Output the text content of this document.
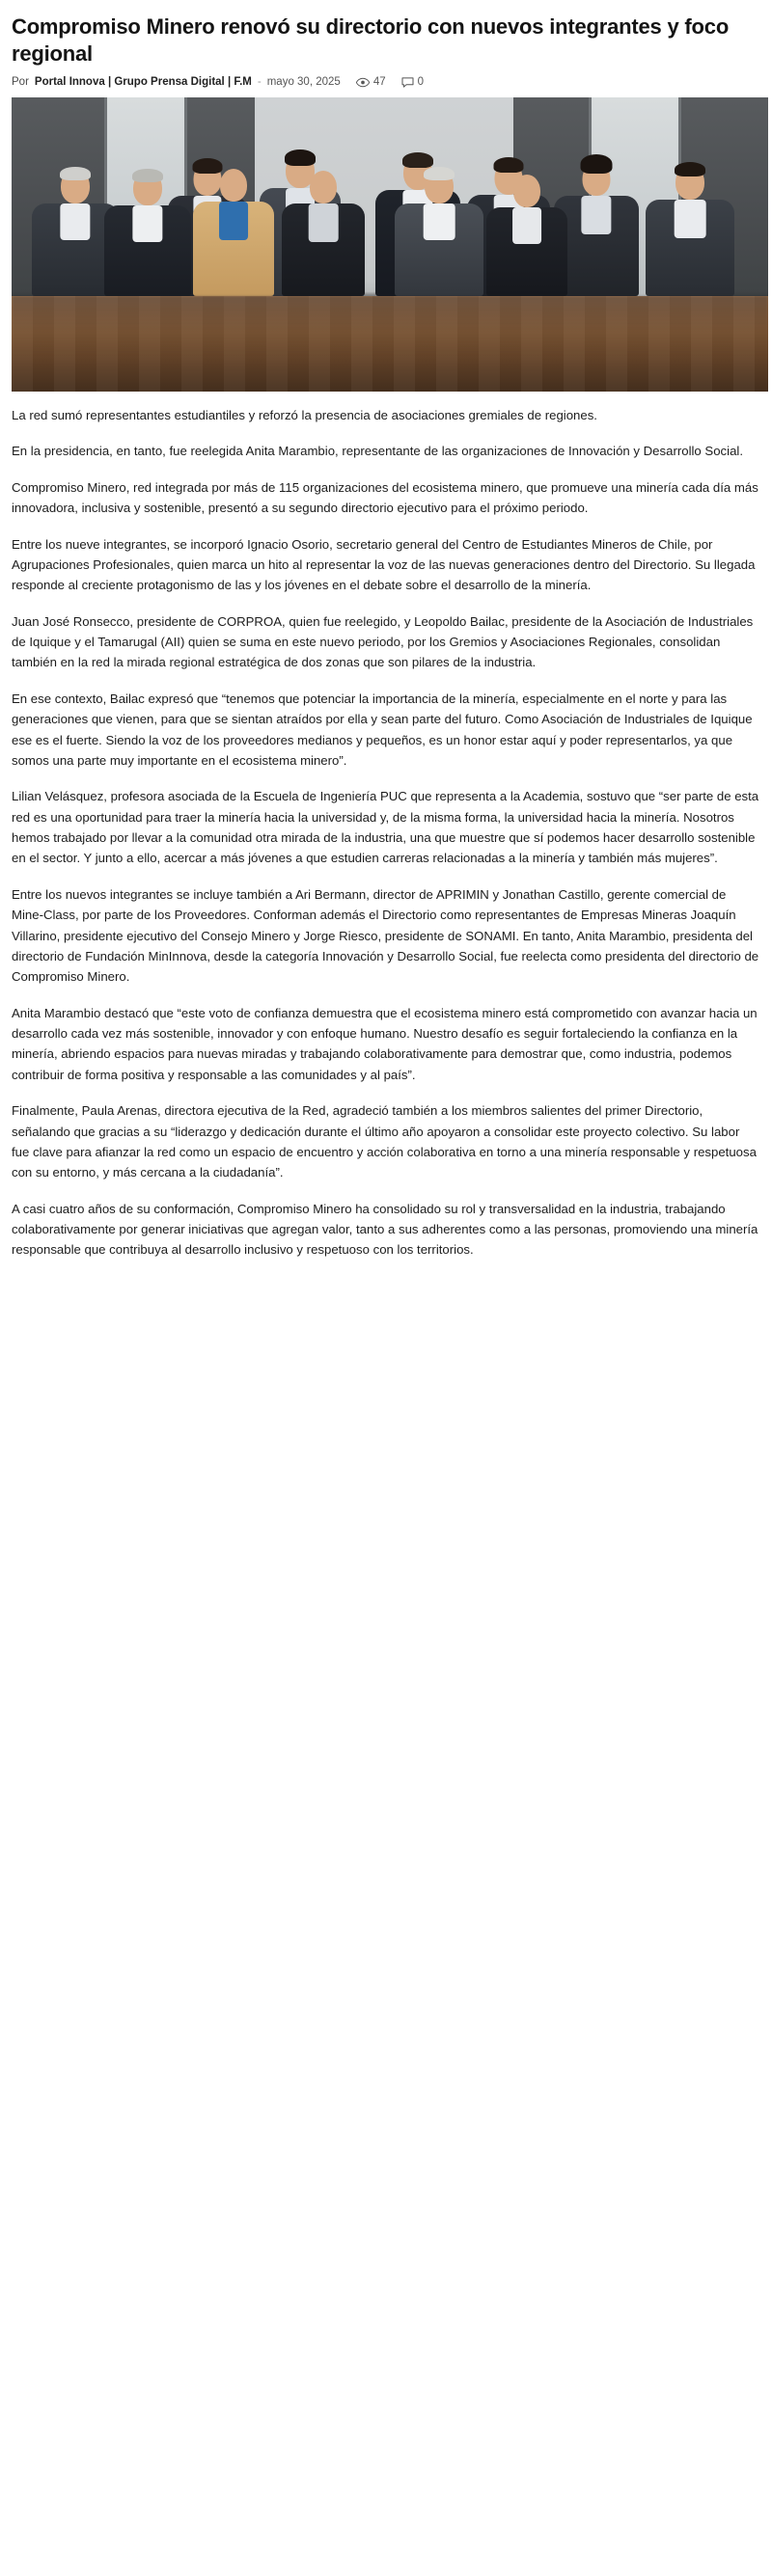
Compromiso Minero renovó su directorio con nuevos integrantes y foco regional
Por Portal Innova | Grupo Prensa Digital | F.M - mayo 30, 2025	47	0

La red sumó representantes estudiantiles y reforzó la presencia de asociaciones gremiales de regiones.

En la presidencia, en tanto, fue reelegida Anita Marambio, representante de las organizaciones de Innovación y Desarrollo Social.

Compromiso Minero, red integrada por más de 115 organizaciones del ecosistema minero, que promueve una minería cada día más innovadora, inclusiva y sostenible, presentó a su segundo directorio ejecutivo para el próximo periodo.

Entre los nueve integrantes, se incorporó Ignacio Osorio, secretario general del Centro de Estudiantes Mineros de Chile, por Agrupaciones Profesionales, quien marca un hito al representar la voz de las nuevas generaciones dentro del Directorio. Su llegada responde al creciente protagonismo de las y los jóvenes en el debate sobre el desarrollo de la minería.

Juan José Ronsecco, presidente de CORPROA, quien fue reelegido, y Leopoldo Bailac, presidente de la Asociación de Industriales de Iquique y el Tamarugal (AII) quien se suma en este nuevo periodo, por los Gremios y Asociaciones Regionales, consolidan también en la red la mirada regional estratégica de dos zonas que son pilares de la industria.

En ese contexto, Bailac expresó que “tenemos que potenciar la importancia de la minería, especialmente en el norte y para las generaciones que vienen, para que se sientan atraídos por ella y sean parte del futuro. Como Asociación de Industriales de Iquique ese es el fuerte. Siendo la voz de los proveedores medianos y pequeños, es un honor estar aquí y poder representarlos, ya que somos una parte muy importante en el ecosistema minero”.

Lilian Velásquez, profesora asociada de la Escuela de Ingeniería PUC que representa a la Academia, sostuvo que “ser parte de esta red es una oportunidad para traer la minería hacia la universidad y, de la misma forma, la universidad hacia la minería. Nosotros hemos trabajado por llevar a la comunidad otra mirada de la industria, una que muestre que sí podemos hacer desarrollo sostenible en el sector. Y junto a ello, acercar a más jóvenes a que estudien carreras relacionadas a la minería y también más mujeres”.

Entre los nuevos integrantes se incluye también a Ari Bermann, director de APRIMIN y Jonathan Castillo, gerente comercial de Mine-Class, por parte de los Proveedores. Conforman además el Directorio como representantes de Empresas Mineras Joaquín Villarino, presidente ejecutivo del Consejo Minero y Jorge Riesco, presidente de SONAMI. En tanto, Anita Marambio, presidenta del directorio de Fundación MinInnova, desde la categoría Innovación y Desarrollo Social, fue reelecta como presidenta del directorio de Compromiso Minero.

Anita Marambio destacó que “este voto de confianza demuestra que el ecosistema minero está comprometido con avanzar hacia un desarrollo cada vez más sostenible, innovador y con enfoque humano. Nuestro desafío es seguir fortaleciendo la confianza en la minería, abriendo espacios para nuevas miradas y trabajando colaborativamente para demostrar que, como industria, podemos contribuir de forma positiva y responsable a las comunidades y al país”.

Finalmente, Paula Arenas, directora ejecutiva de la Red, agradeció también a los miembros salientes del primer Directorio, señalando que gracias a su “liderazgo y dedicación durante el último año apoyaron a consolidar este proyecto colectivo. Su labor fue clave para afianzar la red como un espacio de encuentro y acción colaborativa en torno a una minería responsable y respetuosa con su entorno, y más cercana a la ciudadanía”.

A casi cuatro años de su conformación, Compromiso Minero ha consolidado su rol y transversalidad en la industria, trabajando colaborativamente por generar iniciativas que agregan valor, tanto a sus adherentes como a las personas, promoviendo una minería responsable que contribuya al desarrollo inclusivo y respetuoso con los territorios.
